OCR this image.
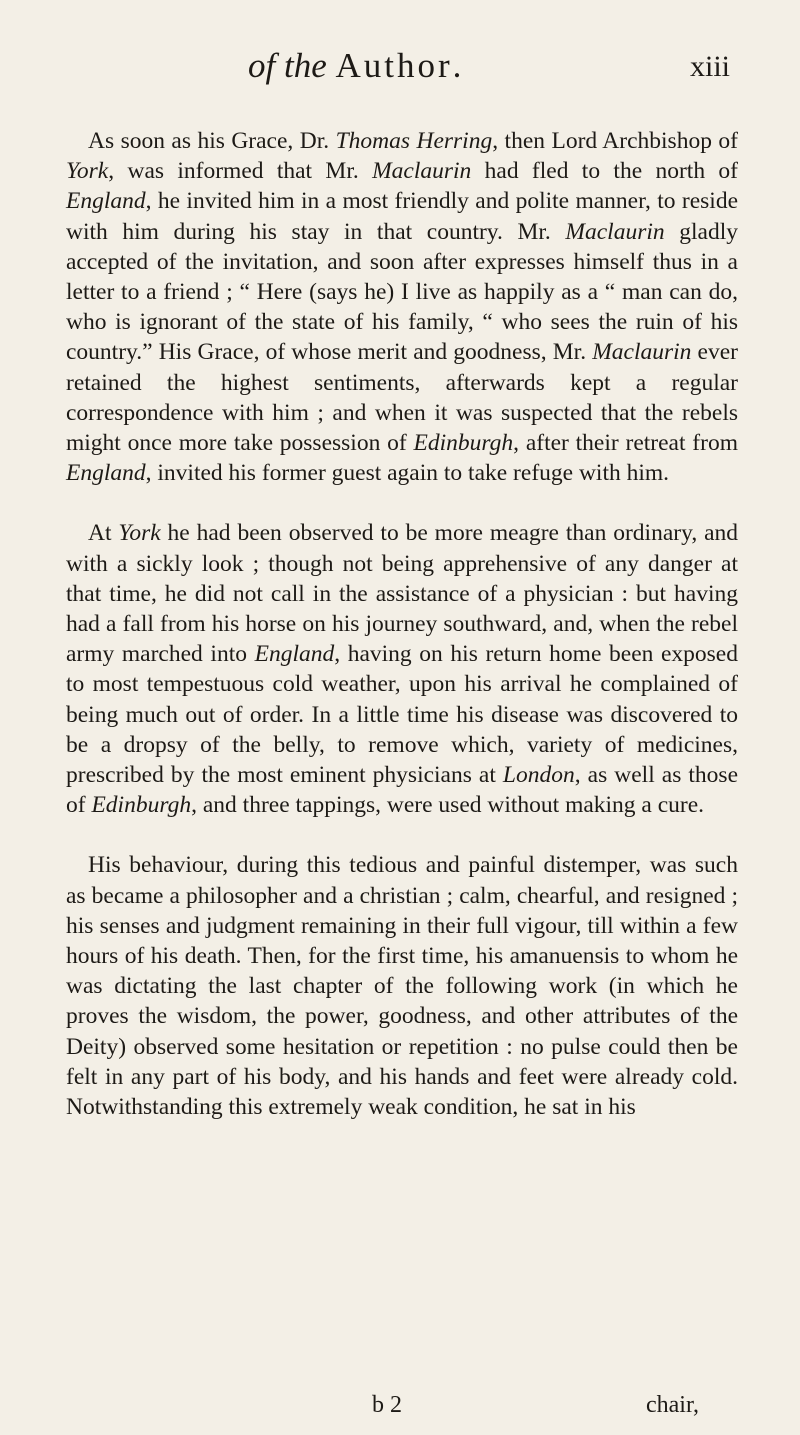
of the Author.	xiii

As soon as his Grace, Dr. Thomas Herring, then Lord Archbishop of York, was informed that Mr. Maclaurin had fled to the north of England, he invited him in a most friendly and polite manner, to reside with him during his stay in that country. Mr. Maclaurin gladly accepted of the invitation, and soon after expresses himself thus in a letter to a friend ; “ Here (says he) I live as happily as a “ man can do, who is ignorant of the state of his family, “ who sees the ruin of his country.” His Grace, of whose merit and goodness, Mr. Maclaurin ever retained the highest sentiments, afterwards kept a regular correspondence with him ; and when it was suspected that the rebels might once more take possession of Edinburgh, after their retreat from England, invited his former guest again to take refuge with him.

At York he had been observed to be more meagre than ordinary, and with a sickly look ; though not being apprehensive of any danger at that time, he did not call in the assistance of a physician : but having had a fall from his horse on his journey southward, and, when the rebel army marched into England, having on his return home been exposed to most tempestuous cold weather, upon his arrival he complained of being much out of order. In a little time his disease was discovered to be a dropsy of the belly, to remove which, variety of medicines, prescribed by the most eminent physicians at London, as well as those of Edinburgh, and three tappings, were used without making a cure.

His behaviour, during this tedious and painful distemper, was such as became a philosopher and a christian ; calm, chearful, and resigned ; his senses and judgment remaining in their full vigour, till within a few hours of his death. Then, for the first time, his amanuensis to whom he was dictating the last chapter of the following work (in which he proves the wisdom, the power, goodness, and other attributes of the Deity) observed some hesitation or repetition : no pulse could then be felt in any part of his body, and his hands and feet were already cold. Notwithstanding this extremely weak condition, he sat in his

b 2	chair,
